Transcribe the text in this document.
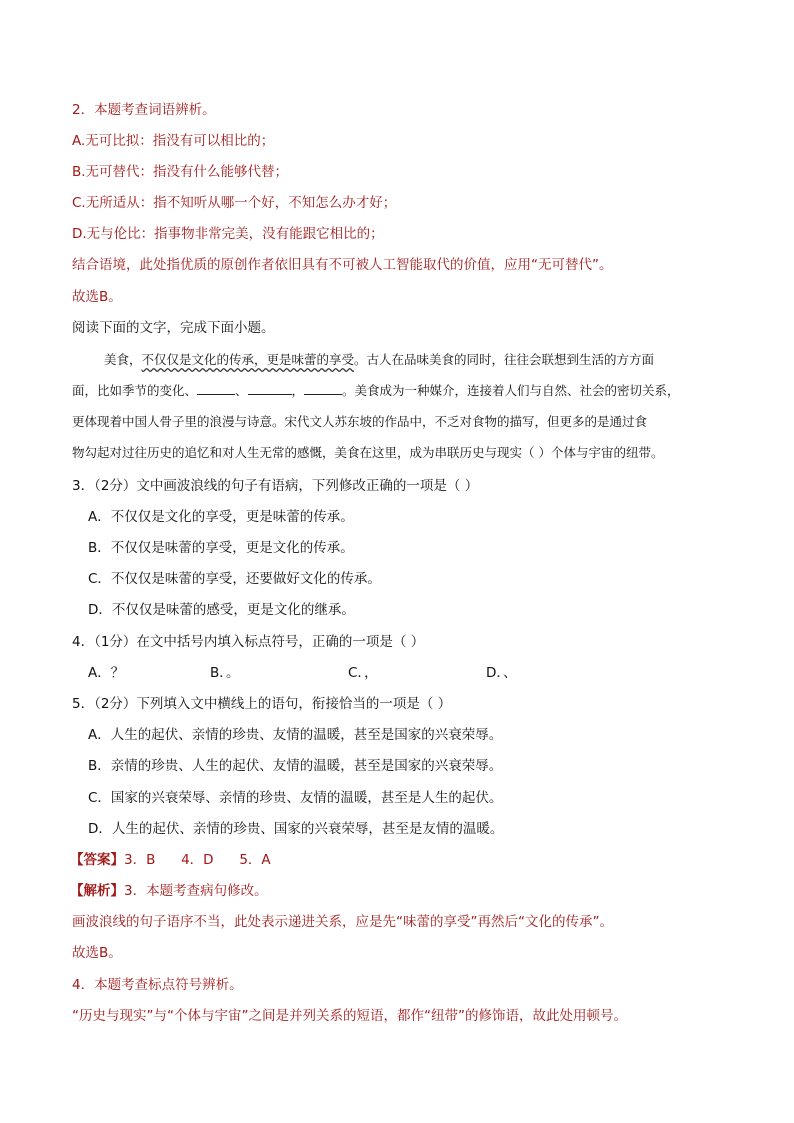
2．本题考查词语辨析。
A.无可比拟：指没有可以相比的；
B.无可替代：指没有什么能够代替；
C.无所适从：指不知听从哪一个好，不知怎么办才好；
D.无与伦比：指事物非常完美，没有能跟它相比的；
结合语境，此处指优质的原创作者依旧具有不可被人工智能取代的价值，应用“无可替代”。
故选B。
阅读下面的文字，完成下面小题。
美食，不仅仅是文化的传承，更是味蕾的享受。古人在品味美食的同时，往往会联想到生活的方方面
面，比如季节的变化、	、	，	。美食成为一种媒介，连接着人们与自然、社会的密切关系，
更体现着中国人骨子里的浪漫与诗意。宋代文人苏东坡的作品中，不乏对食物的描写，但更多的是通过食
物勾起对过往历史的追忆和对人生无常的感慨，美食在这里，成为串联历史与现实（ ）个体与宇宙的纽带。
3．（2分）文中画波浪线的句子有语病，下列修改正确的一项是（ ）
A．不仅仅是文化的享受，更是味蕾的传承。
B．不仅仅是味蕾的享受，更是文化的传承。
C．不仅仅是味蕾的享受，还要做好文化的传承。
D．不仅仅是味蕾的感受，更是文化的继承。
4．（1分）在文中括号内填入标点符号，正确的一项是（ ）
A．？	B．。	C．，	D．、
5．（2分）下列填入文中横线上的语句，衔接恰当的一项是（ ）
A．人生的起伏、亲情的珍贵、友情的温暖，甚至是国家的兴衰荣辱。
B．亲情的珍贵、人生的起伏、友情的温暖，甚至是国家的兴衰荣辱。
C．国家的兴衰荣辱、亲情的珍贵、友情的温暖，甚至是人生的起伏。
D．人生的起伏、亲情的珍贵、国家的兴衰荣辱，甚至是友情的温暖。
【答案】3．B      4．D      5．A
【解析】3．本题考查病句修改。
画波浪线的句子语序不当，此处表示递进关系，应是先“味蕾的享受”再然后“文化的传承”。
故选B。
4．本题考查标点符号辨析。
“历史与现实”与“个体与宇宙”之间是并列关系的短语，都作“纽带”的修饰语，故此处用顿号。
